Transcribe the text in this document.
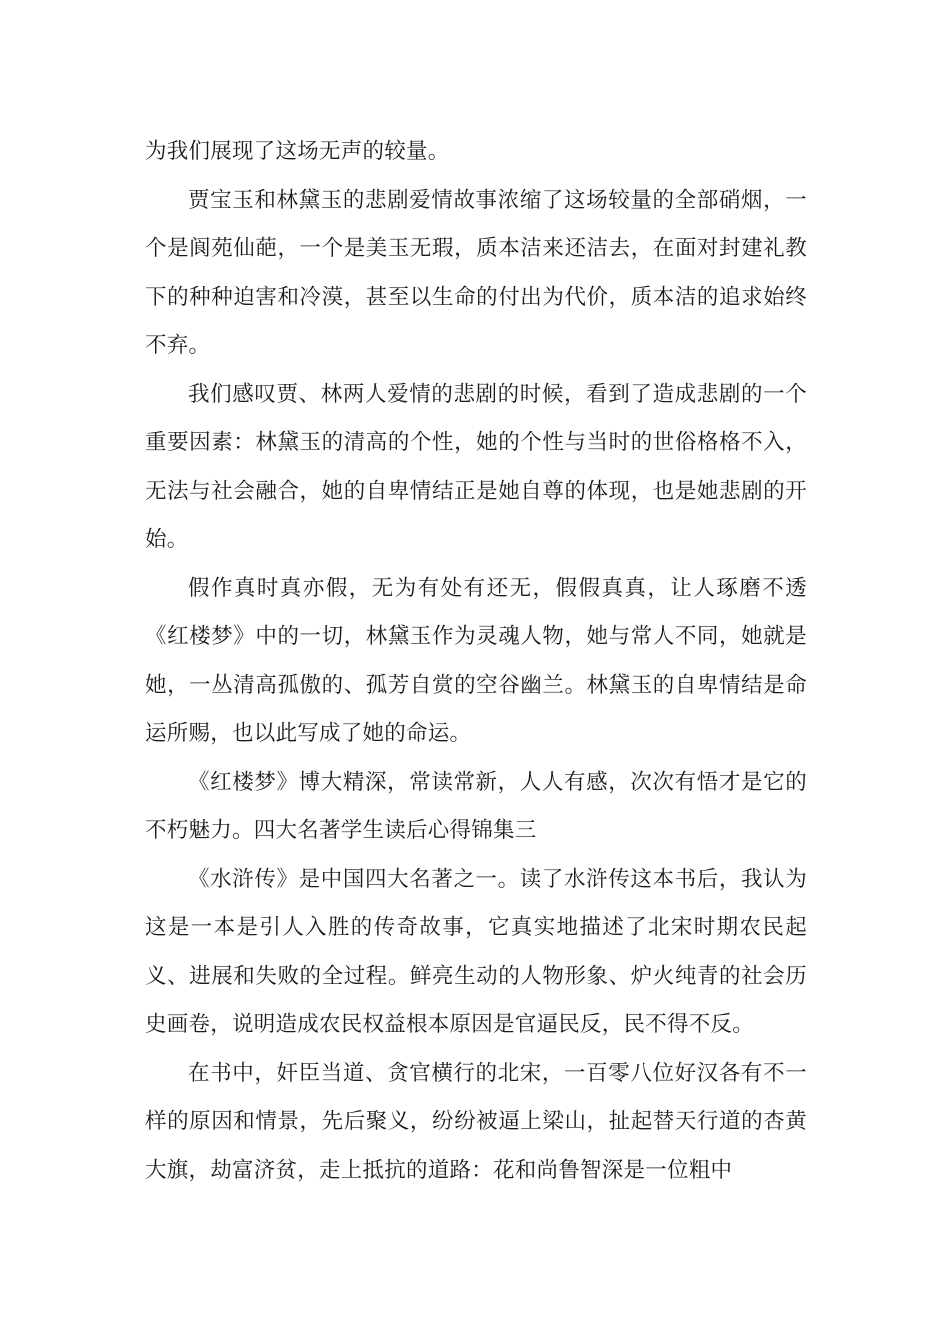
为我们展现了这场无声的较量。

贾宝玉和林黛玉的悲剧爱情故事浓缩了这场较量的全部硝烟，一个是阆苑仙葩，一个是美玉无瑕，质本洁来还洁去，在面对封建礼教下的种种迫害和冷漠，甚至以生命的付出为代价，质本洁的追求始终不弃。

我们感叹贾、林两人爱情的悲剧的时候，看到了造成悲剧的一个重要因素：林黛玉的清高的个性，她的个性与当时的世俗格格不入，无法与社会融合，她的自卑情结正是她自尊的体现，也是她悲剧的开始。

假作真时真亦假，无为有处有还无，假假真真，让人琢磨不透《红楼梦》中的一切，林黛玉作为灵魂人物，她与常人不同，她就是她，一丛清高孤傲的、孤芳自赏的空谷幽兰。林黛玉的自卑情结是命运所赐，也以此写成了她的命运。

《红楼梦》博大精深，常读常新，人人有感，次次有悟才是它的不朽魅力。四大名著学生读后心得锦集三

《水浒传》是中国四大名著之一。读了水浒传这本书后，我认为这是一本是引人入胜的传奇故事，它真实地描述了北宋时期农民起义、进展和失败的全过程。鲜亮生动的人物形象、炉火纯青的社会历史画卷，说明造成农民权益根本原因是官逼民反，民不得不反。

在书中，奸臣当道、贪官横行的北宋，一百零八位好汉各有不一样的原因和情景，先后聚义，纷纷被逼上梁山，扯起替天行道的杏黄大旗，劫富济贫，走上抵抗的道路：花和尚鲁智深是一位粗中
